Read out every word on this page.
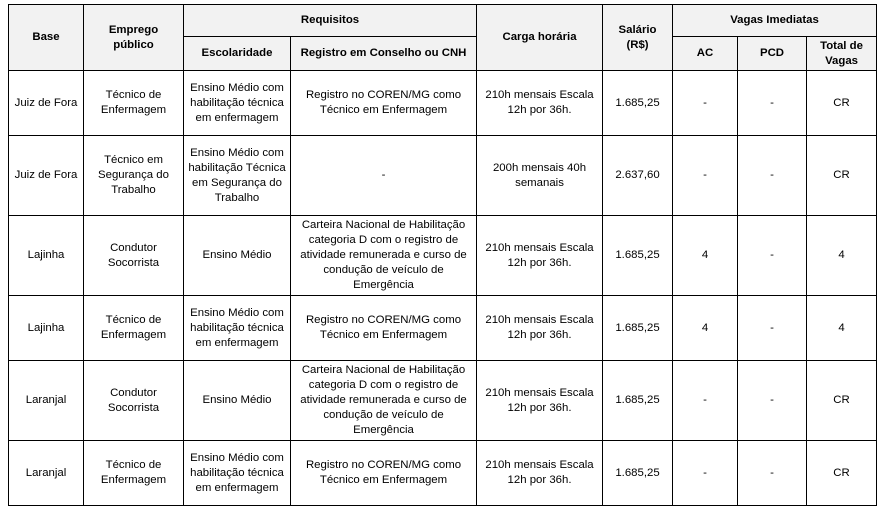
Base	Emprego público	Requisitos		Carga horária	Salário (R$)	Vagas Imediatas		
		Escolaridade	Registro em Conselho ou CNH			AC	PCD	Total de Vagas
Juiz de Fora	Técnico de Enfermagem	Ensino Médio com habilitação técnica em enfermagem	Registro no COREN/MG como Técnico em Enfermagem	210h mensais Escala 12h por 36h.	1.685,25	-	-	CR
Juiz de Fora	Técnico em Segurança do Trabalho	Ensino Médio com habilitação Técnica em Segurança do Trabalho	-	200h mensais 40h semanais	2.637,60	-	-	CR
Lajinha	Condutor Socorrista	Ensino Médio	Carteira Nacional de Habilitação categoria D com o registro de atividade remunerada e curso de condução de veículo de Emergência	210h mensais Escala 12h por 36h.	1.685,25	4	-	4
Lajinha	Técnico de Enfermagem	Ensino Médio com habilitação técnica em enfermagem	Registro no COREN/MG como Técnico em Enfermagem	210h mensais Escala 12h por 36h.	1.685,25	4	-	4
Laranjal	Condutor Socorrista	Ensino Médio	Carteira Nacional de Habilitação categoria D com o registro de atividade remunerada e curso de condução de veículo de Emergência	210h mensais Escala 12h por 36h.	1.685,25	-	-	CR
Laranjal	Técnico de Enfermagem	Ensino Médio com habilitação técnica em enfermagem	Registro no COREN/MG como Técnico em Enfermagem	210h mensais Escala 12h por 36h.	1.685,25	-	-	CR
